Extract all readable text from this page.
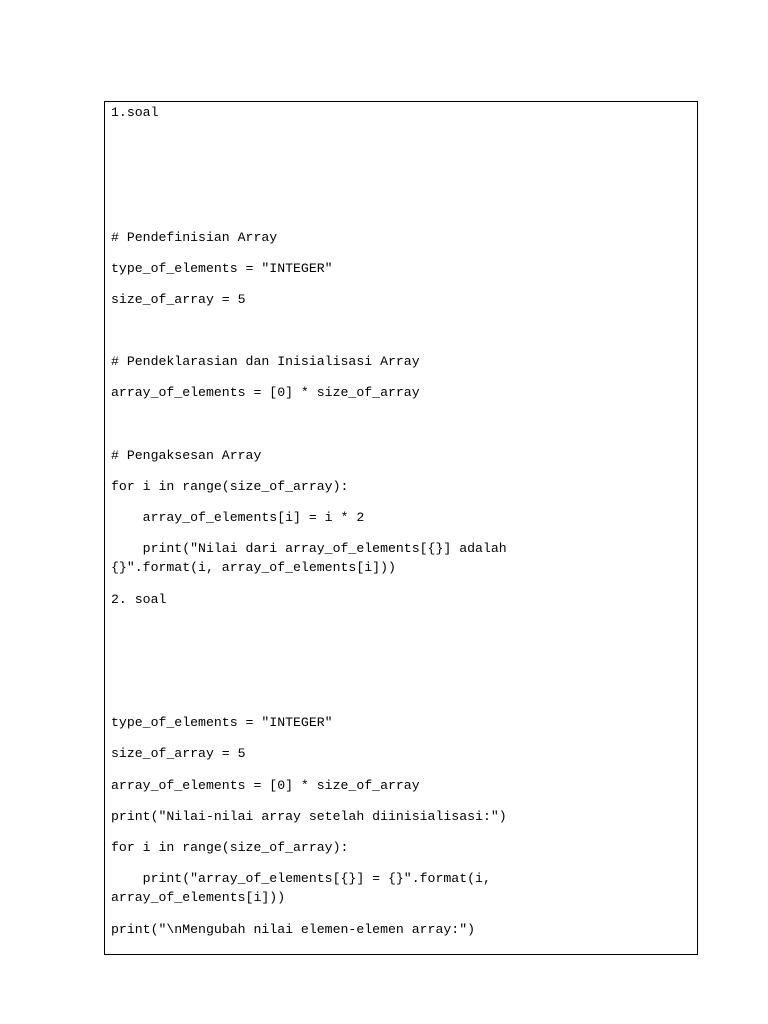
1.soal

# Pendefinisian Array

type_of_elements = "INTEGER"

size_of_array = 5

# Pendeklarasian dan Inisialisasi Array

array_of_elements = [0] * size_of_array

# Pengaksesan Array

for i in range(size_of_array):

array_of_elements[i] = i * 2

print("Nilai dari array_of_elements[{}] adalah

{}".format(i, array_of_elements[i]))

2. soal

type_of_elements = "INTEGER"

size_of_array = 5

array_of_elements = [0] * size_of_array

print("Nilai-nilai array setelah diinisialisasi:")

for i in range(size_of_array):

print("array_of_elements[{}] = {}".format(i,

array_of_elements[i]))

print("\nMengubah nilai elemen-elemen array:")
